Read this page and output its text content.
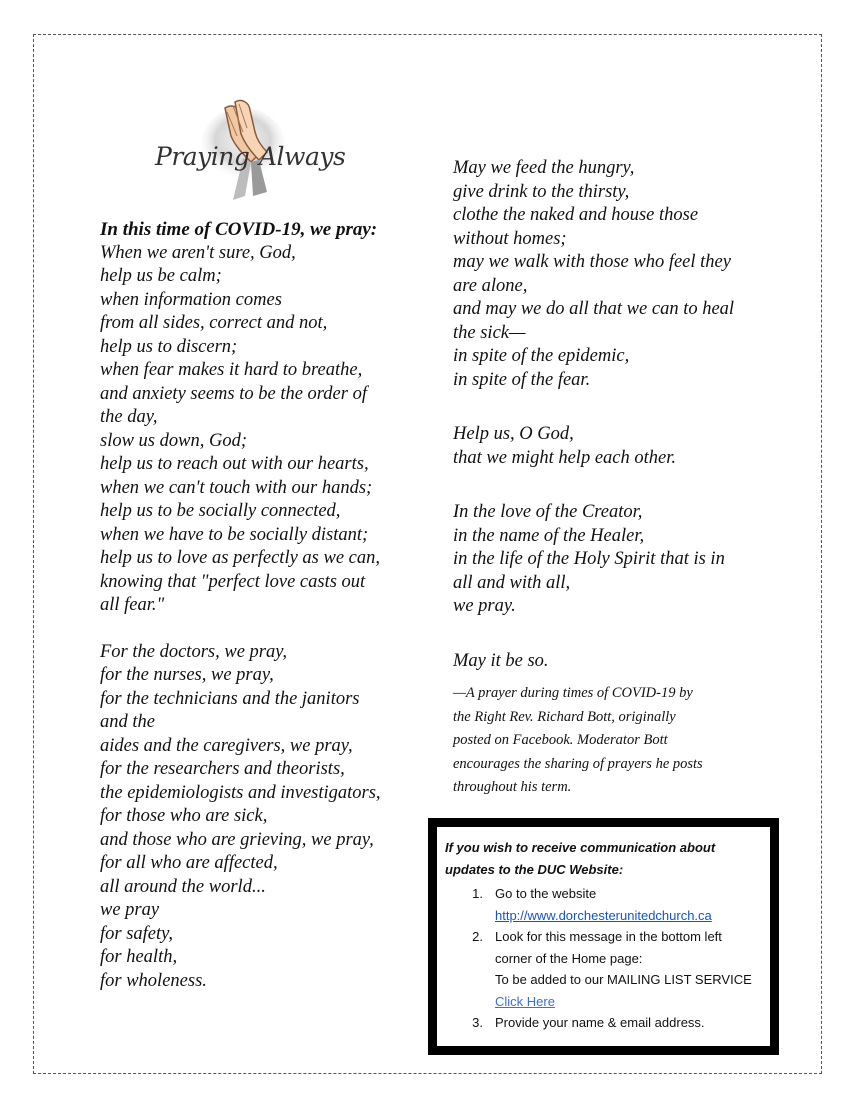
Praying Always
In this time of COVID-19, we pray:
When we aren't sure, God,
help us be calm;
when information comes
from all sides, correct and not,
help us to discern;
when fear makes it hard to breathe,
and anxiety seems to be the order of
the day,
slow us down, God;
help us to reach out with our hearts,
when we can't touch with our hands;
help us to be socially connected,
when we have to be socially distant;
help us to love as perfectly as we can,
knowing that "perfect love casts out
all fear."
For the doctors, we pray,
for the nurses, we pray,
for the technicians and the janitors
and the
aides and the caregivers, we pray,
for the researchers and theorists,
the epidemiologists and investigators,
for those who are sick,
and those who are grieving, we pray,
for all who are affected,
all around the world...
we pray
for safety,
for health,
for wholeness.
May we feed the hungry,
give drink to the thirsty,
clothe the naked and house those
without homes;
may we walk with those who feel they
are alone,
and may we do all that we can to heal
the sick—
in spite of the epidemic,
in spite of the fear.
Help us, O God,
that we might help each other.
In the love of the Creator,
in the name of the Healer,
in the life of the Holy Spirit that is in
all and with all,
we pray.
May it be so.
—A prayer during times of COVID-19 by
the Right Rev. Richard Bott, originally
posted on Facebook. Moderator Bott
encourages the sharing of prayers he posts
throughout his term.
If you wish to receive communication about
updates to the DUC Website:
1. Go to the website
http://www.dorchesterunitedchurch.ca
2. Look for this message in the bottom left
corner of the Home page:
To be added to our MAILING LIST SERVICE
Click Here
3. Provide your name & email address.
